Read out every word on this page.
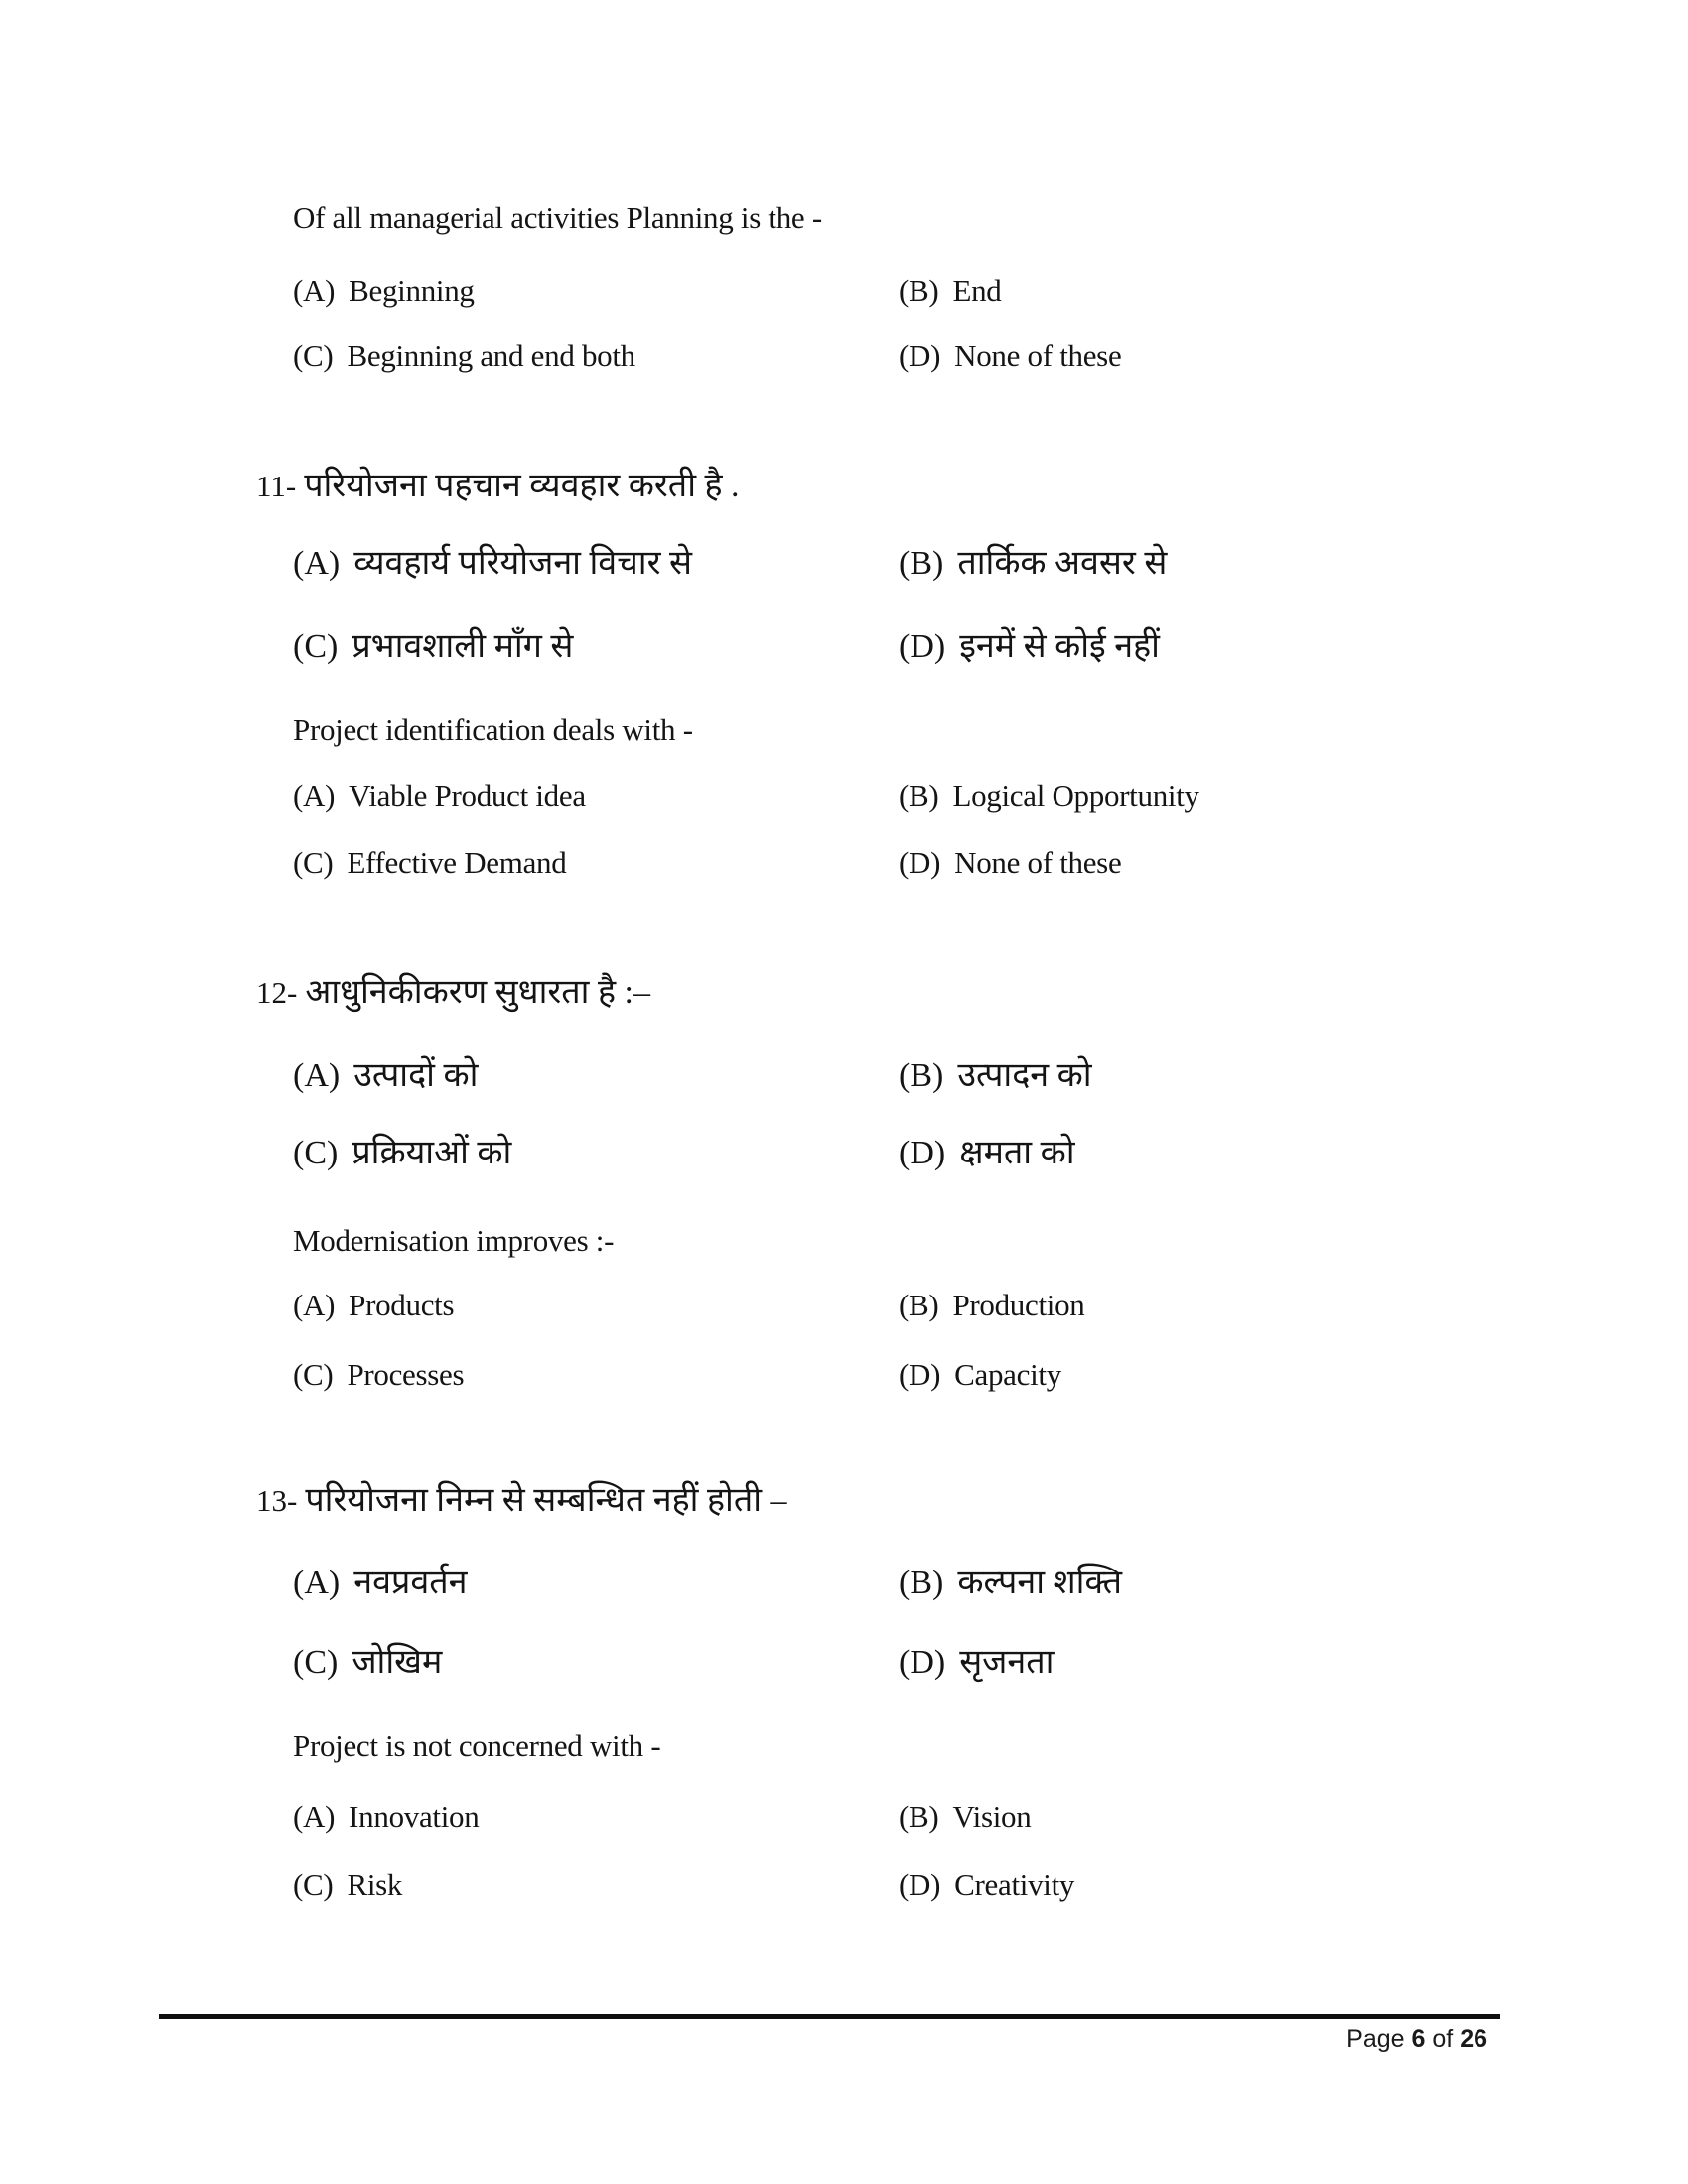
Of all managerial activities Planning is the -
(A) Beginning	(B) End
(C) Beginning and end both	(D) None of these
11- परियोजना पहचान व्यवहार करती है .
(A) व्यवहार्य परियोजना विचार से	(B) तार्किक अवसर से
(C) प्रभावशाली माँग से	(D) इनमें से कोई नहीं
Project identification deals with -
(A) Viable Product idea	(B) Logical Opportunity
(C) Effective Demand	(D) None of these
12- आधुनिकीकरण सुधारता है :–
(A) उत्पादों को	(B) उत्पादन को
(C) प्रक्रियाओं को	(D) क्षमता को
Modernisation improves :-
(A) Products	(B) Production
(C) Processes	(D) Capacity
13- परियोजना निम्न से सम्बन्धित नहीं होती –
(A) नवप्रवर्तन	(B) कल्पना शक्ति
(C) जोखिम	(D) सृजनता
Project is not concerned with -
(A) Innovation	(B) Vision
(C) Risk	(D) Creativity
Page 6 of 26
